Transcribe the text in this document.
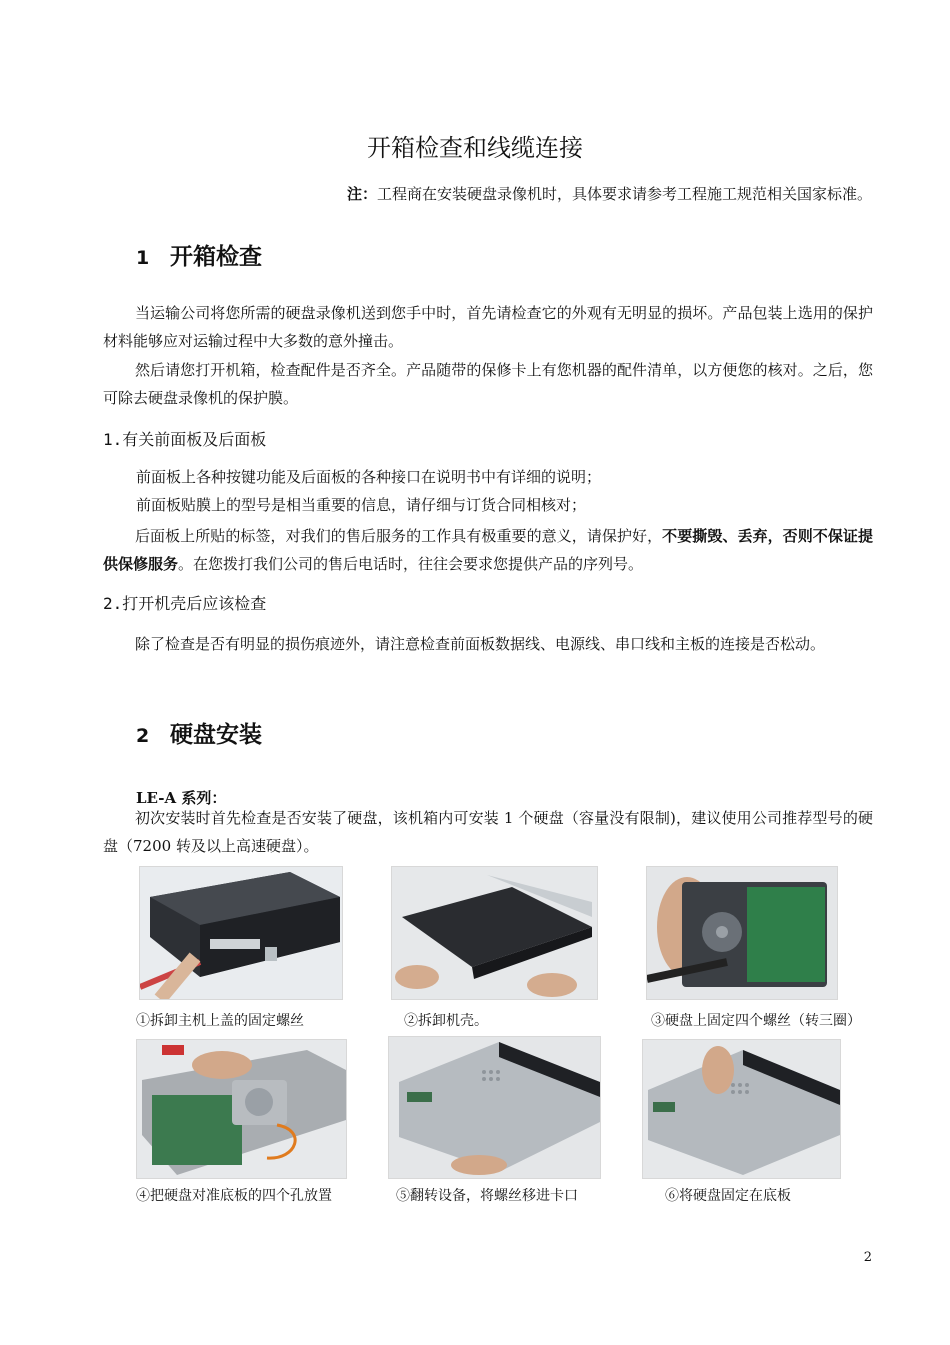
开箱检查和线缆连接
注：工程商在安装硬盘录像机时，具体要求请参考工程施工规范相关国家标准。
1 开箱检查

当运输公司将您所需的硬盘录像机送到您手中时，首先请检查它的外观有无明显的损坏。产品包装上选用的保护材料能够应对运输过程中大多数的意外撞击。

然后请您打开机箱，检查配件是否齐全。产品随带的保修卡上有您机器的配件清单，以方便您的核对。之后，您可除去硬盘录像机的保护膜。

1.有关前面板及后面板
前面板上各种按键功能及后面板的各种接口在说明书中有详细的说明；
前面板贴膜上的型号是相当重要的信息，请仔细与订货合同相核对；

后面板上所贴的标签，对我们的售后服务的工作具有极重要的意义，请保护好，不要撕毁、丢弃，否则不保证提供保修服务。在您拨打我们公司的售后电话时，往往会要求您提供产品的序列号。

2.打开机壳后应该检查

除了检查是否有明显的损伤痕迹外，请注意检查前面板数据线、电源线、串口线和主板的连接是否松动。

2 硬盘安装
LE-A 系列：

初次安装时首先检查是否安装了硬盘，该机箱内可安装 1 个硬盘（容量没有限制)，建议使用公司推荐型号的硬盘（7200 转及以上高速硬盘）。

①拆卸主机上盖的固定螺丝	②拆卸机壳。	③硬盘上固定四个螺丝（转三圈）
④把硬盘对准底板的四个孔放置	⑤翻转设备，将螺丝移进卡口	⑥将硬盘固定在底板
2
